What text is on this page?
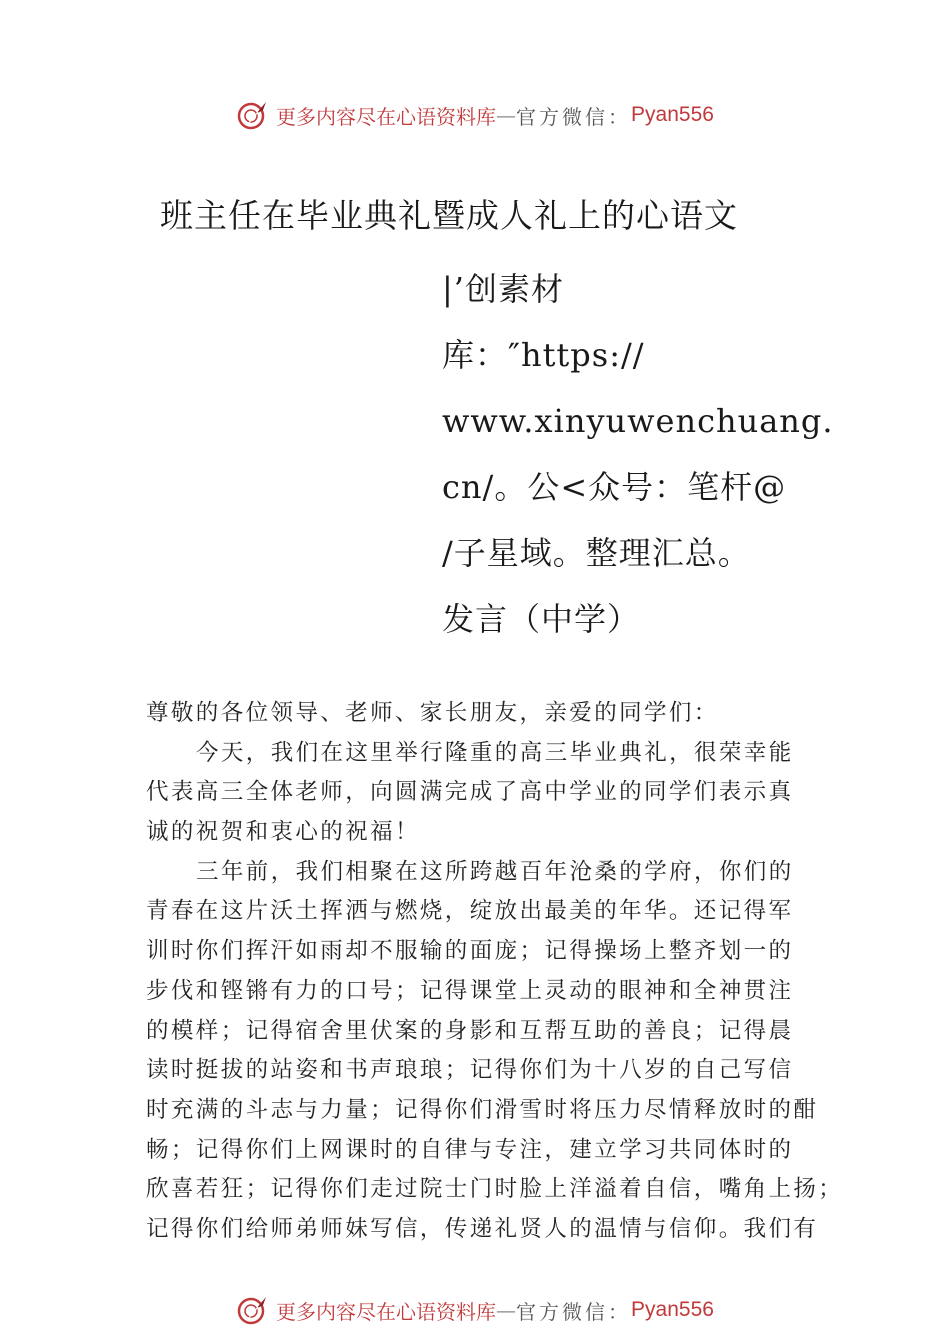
更多内容尽在心语资料库 — 官方微信： Pyan556
班主任在毕业典礼暨成人礼上的心语文
|’创素材
库：″https://
www.xinyuwenchuang.
cn/。公<众号：笔杆@
/子星域。整理汇总。
发言（中学）
尊敬的各位领导、老师、家长朋友，亲爱的同学们：
今天，我们在这里举行隆重的高三毕业典礼，很荣幸能
代表高三全体老师，向圆满完成了高中学业的同学们表示真
诚的祝贺和衷心的祝福！
三年前，我们相聚在这所跨越百年沧桑的学府，你们的
青春在这片沃土挥洒与燃烧，绽放出最美的年华。还记得军
训时你们挥汗如雨却不服输的面庞；记得操场上整齐划一的
步伐和铿锵有力的口号；记得课堂上灵动的眼神和全神贯注
的模样；记得宿舍里伏案的身影和互帮互助的善良；记得晨
读时挺拔的站姿和书声琅琅；记得你们为十八岁的自己写信
时充满的斗志与力量；记得你们滑雪时将压力尽情释放时的酣
畅；记得你们上网课时的自律与专注，建立学习共同体时的
欣喜若狂；记得你们走过院士门时脸上洋溢着自信，嘴角上扬；
记得你们给师弟师妹写信，传递礼贤人的温情与信仰。我们有
更多内容尽在心语资料库 — 官方微信： Pyan556
